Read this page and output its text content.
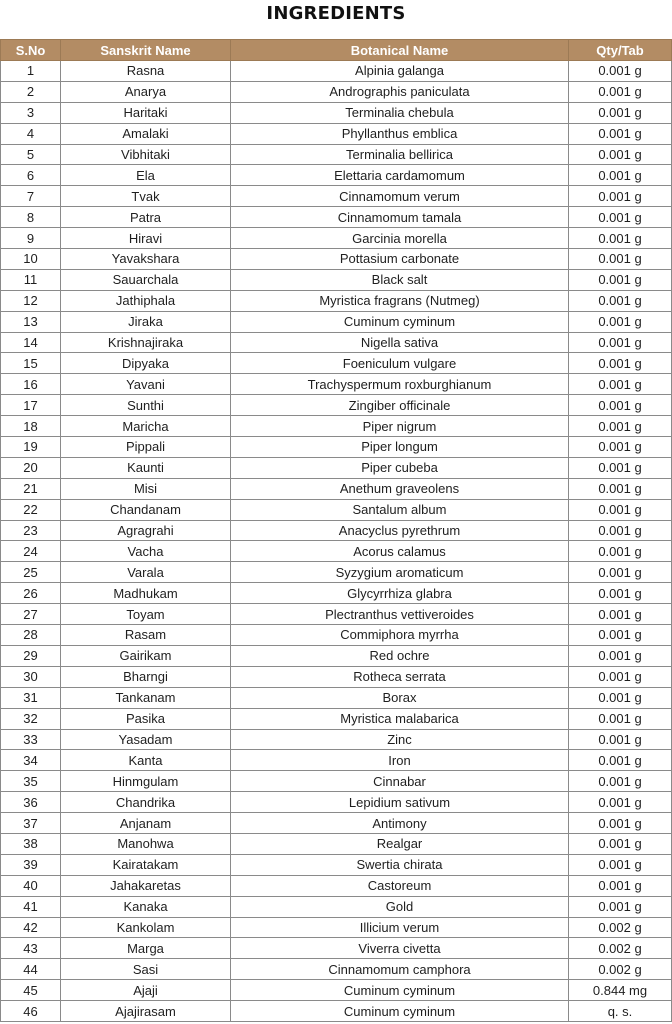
INGREDIENTS
S.No	Sanskrit Name	Botanical Name	Qty/Tab
1	Rasna	Alpinia galanga	0.001 g
2	Anarya	Andrographis paniculata	0.001 g
3	Haritaki	Terminalia chebula	0.001 g
4	Amalaki	Phyllanthus emblica	0.001 g
5	Vibhitaki	Terminalia bellirica	0.001 g
6	Ela	Elettaria cardamomum	0.001 g
7	Tvak	Cinnamomum verum	0.001 g
8	Patra	Cinnamomum tamala	0.001 g
9	Hiravi	Garcinia morella	0.001 g
10	Yavakshara	Pottasium carbonate	0.001 g
11	Sauarchala	Black salt	0.001 g
12	Jathiphala	Myristica fragrans (Nutmeg)	0.001 g
13	Jiraka	Cuminum cyminum	0.001 g
14	Krishnajiraka	Nigella sativa	0.001 g
15	Dipyaka	Foeniculum vulgare	0.001 g
16	Yavani	Trachyspermum roxburghianum	0.001 g
17	Sunthi	Zingiber officinale	0.001 g
18	Maricha	Piper nigrum	0.001 g
19	Pippali	Piper longum	0.001 g
20	Kaunti	Piper cubeba	0.001 g
21	Misi	Anethum graveolens	0.001 g
22	Chandanam	Santalum album	0.001 g
23	Agragrahi	Anacyclus pyrethrum	0.001 g
24	Vacha	Acorus calamus	0.001 g
25	Varala	Syzygium aromaticum	0.001 g
26	Madhukam	Glycyrrhiza glabra	0.001 g
27	Toyam	Plectranthus vettiveroides	0.001 g
28	Rasam	Commiphora myrrha	0.001 g
29	Gairikam	Red ochre	0.001 g
30	Bharngi	Rotheca serrata	0.001 g
31	Tankanam	Borax	0.001 g
32	Pasika	Myristica malabarica	0.001 g
33	Yasadam	Zinc	0.001 g
34	Kanta	Iron	0.001 g
35	Hinmgulam	Cinnabar	0.001 g
36	Chandrika	Lepidium sativum	0.001 g
37	Anjanam	Antimony	0.001 g
38	Manohwa	Realgar	0.001 g
39	Kairatakam	Swertia chirata	0.001 g
40	Jahakaretas	Castoreum	0.001 g
41	Kanaka	Gold	0.001 g
42	Kankolam	Illicium verum	0.002 g
43	Marga	Viverra civetta	0.002 g
44	Sasi	Cinnamomum camphora	0.002 g
45	Ajaji	Cuminum cyminum	0.844 mg
46	Ajajirasam	Cuminum cyminum	q. s.
